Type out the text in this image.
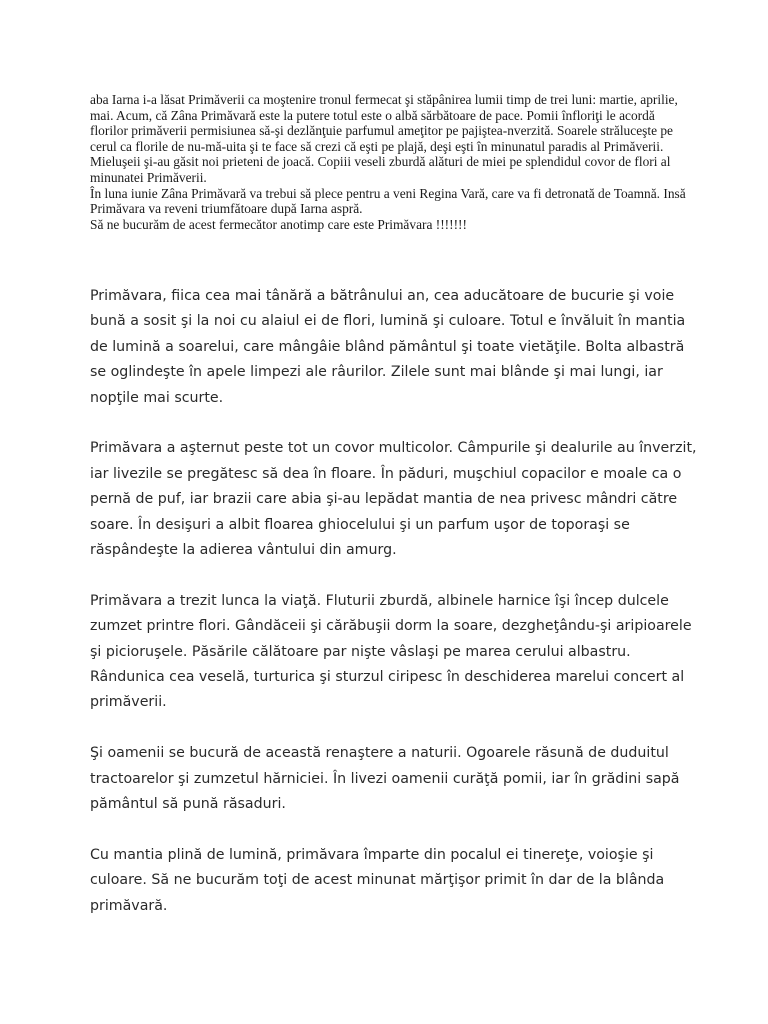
aba Iarna i-a lăsat Primăverii ca moştenire tronul fermecat şi stăpânirea lumii timp de trei luni: martie, aprilie, mai. Acum, că Zâna Primăvară este la putere totul este o albă sărbătoare de pace. Pomii înfloriţi le acordă florilor primăverii permisiunea să-şi dezlănţuie parfumul ameţitor pe pajiştea-nverzită. Soarele străluceşte pe cerul ca florile de nu-mă-uita şi te face să crezi că eşti pe plajă, deşi eşti în minunatul paradis al Primăverii.

Mieluşeii şi-au găsit noi prieteni de joacă. Copiii veseli zburdă alături de miei pe splendidul covor de flori al minunatei Primăverii.

În luna iunie Zâna Primăvară va trebui să plece pentru a veni Regina Vară, care va fi detronată de Toamnă. Insă Primăvara va reveni triumfătoare după Iarna aspră.

Să ne bucurăm de acest fermecător anotimp care este Primăvara !!!!!!!

Primăvara, fiica cea mai tânără a bătrânului an, cea aducătoare de bucurie şi voie bună a sosit şi la noi cu alaiul ei de flori, lumină şi culoare. Totul e învăluit în mantia de lumină a soarelui, care mângâie blând pământul şi toate vietăţile. Bolta albastră se oglindeşte în apele limpezi ale râurilor. Zilele sunt mai blânde şi mai lungi, iar nopţile mai scurte.

Primăvara a aşternut peste tot un covor multicolor. Câmpurile şi dealurile au înverzit, iar livezile se pregătesc să dea în floare. În păduri, muşchiul copacilor e moale ca o pernă de puf, iar brazii care abia şi-au lepădat mantia de nea privesc mândri către soare. În desişuri a albit floarea ghiocelului şi un parfum uşor de toporaşi se răspândeşte la adierea vântului din amurg.

Primăvara a trezit lunca la viaţă. Fluturii zburdă, albinele harnice îşi încep dulcele zumzet printre flori. Gândăceii şi cărăbuşii dorm la soare, dezgheţându-şi aripioarele şi picioruşele. Păsările călătoare par nişte vâslaşi pe marea cerului albastru. Rândunica cea veselă, turturica şi sturzul ciripesc în deschiderea marelui concert al primăverii.

Şi oamenii se bucură de această renaştere a naturii. Ogoarele răsună de duduitul tractoarelor şi zumzetul hărniciei. În livezi oamenii curăţă pomii, iar în grădini sapă pământul să pună răsaduri.

Cu mantia plină de lumină, primăvara împarte din pocalul ei tinereţe, voioşie şi culoare. Să ne bucurăm toţi de acest minunat mărţişor primit în dar de la blânda primăvară.
